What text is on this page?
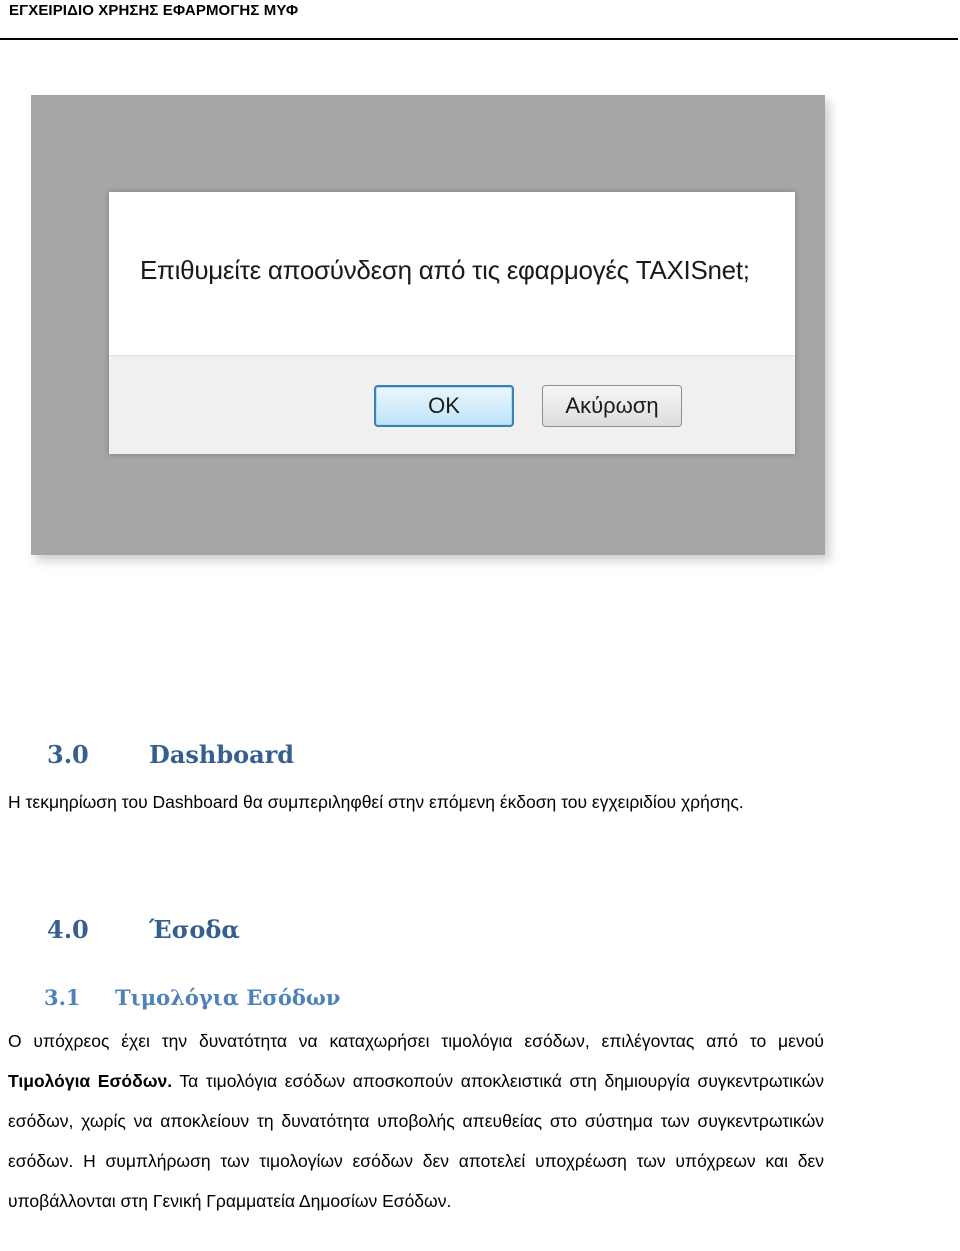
ΕΓΧΕΙΡΙΔΙΟ ΧΡΗΣΗΣ ΕΦΑΡΜΟΓΗΣ ΜΥΦ
Επιθυμείτε αποσύνδεση από τις εφαρμογές TAXISnet;
OK	Ακύρωση
3.0	Dashboard
Η τεκμηρίωση του Dashboard θα συμπεριληφθεί στην επόμενη έκδοση του εγχειριδίου χρήσης.
4.0	Έσοδα
3.1 Τιμολόγια Εσόδων
Ο υπόχρεος έχει την δυνατότητα να καταχωρήσει τιμολόγια εσόδων, επιλέγοντας από το μενού Τιμολόγια Εσόδων. Τα τιμολόγια εσόδων αποσκοπούν αποκλειστικά στη δημιουργία συγκεντρωτικών εσόδων, χωρίς να αποκλείουν τη δυνατότητα υποβολής απευθείας στο σύστημα των συγκεντρωτικών εσόδων. Η συμπλήρωση των τιμολογίων εσόδων δεν αποτελεί υποχρέωση των υπόχρεων και δεν υποβάλλονται στη Γενική Γραμματεία Δημοσίων Εσόδων.
